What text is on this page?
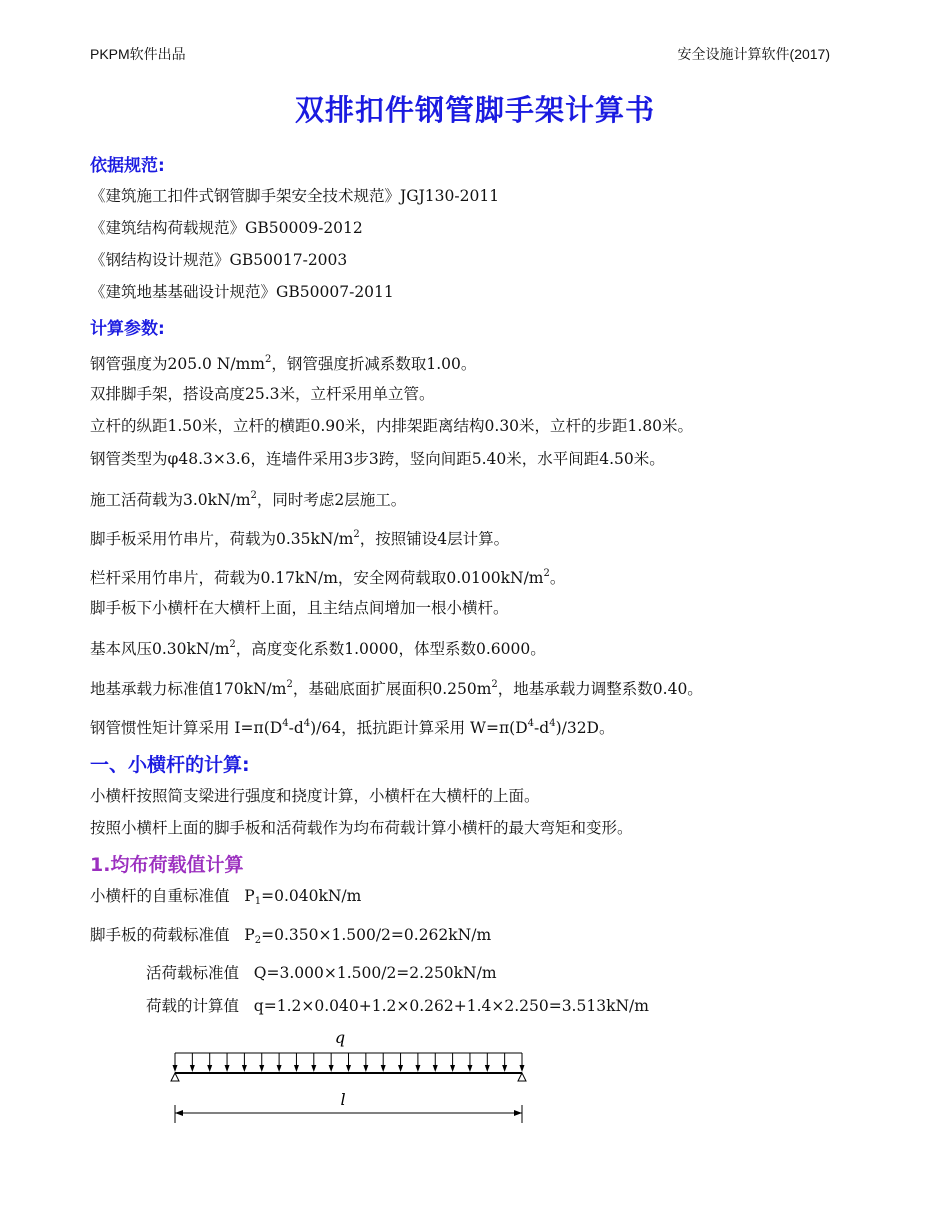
PKPM软件出品	安全设施计算软件(2017)
双排扣件钢管脚手架计算书
依据规范:
《建筑施工扣件式钢管脚手架安全技术规范》JGJ130-2011
《建筑结构荷载规范》GB50009-2012
《钢结构设计规范》GB50017-2003
《建筑地基基础设计规范》GB50007-2011
计算参数:
钢管强度为205.0 $N/mm^2$，钢管强度折减系数取1.00。
双排脚手架，搭设高度25.3米，立杆采用单立管。
立杆的纵距1.50米，立杆的横距0.90米，内排架距离结构0.30米，立杆的步距1.80米。
钢管类型为φ48.3×3.6，连墙件采用3步3跨，竖向间距5.40米，水平间距4.50米。
施工活荷载为$3.0kN/m^2$，同时考虑2层施工。
脚手板采用竹串片，荷载为$0.35kN/m^2$，按照铺设4层计算。
栏杆采用竹串片，荷载为0.17kN/m，安全网荷载取$0.0100kN/m^2$。
脚手板下小横杆在大横杆上面，且主结点间增加一根小横杆。
基本风压$0.30kN/m^2$，高度变化系数1.0000，体型系数0.6000。
地基承载力标准值$170kN/m^2$，基础底面扩展面积$0.250m^2$，地基承载力调整系数0.40。
钢管惯性矩计算采用 $I=\pi(D^4-d^4)/64$，抵抗距计算采用 $W=\pi(D^4-d^4)/32D$。
一、小横杆的计算:
小横杆按照简支梁进行强度和挠度计算，小横杆在大横杆的上面。
按照小横杆上面的脚手板和活荷载作为均布荷载计算小横杆的最大弯矩和变形。
1.均布荷载值计算
小横杆的自重标准值 $P_1=0.040kN/m$
脚手板的荷载标准值 $P_2=0.350\times 1.500/2=0.262kN/m$
活荷载标准值 Q=3.000×1.500/2=2.250kN/m
荷载的计算值 q=1.2×0.040+1.2×0.262+1.4×2.250=3.513kN/m
q
l
